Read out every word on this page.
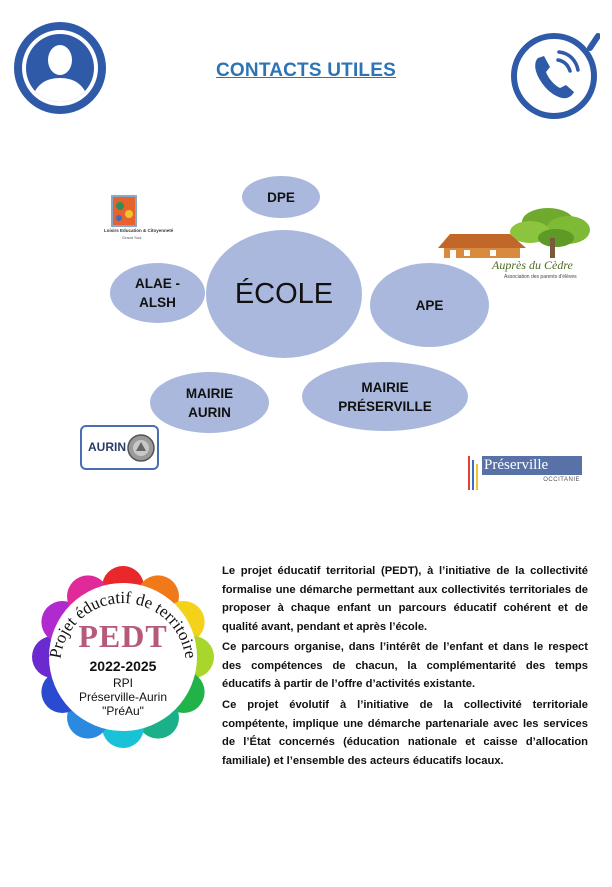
CONTACTS UTILES
DPE
ALAE -
ALSH ÉCOLE	APE
MAIRIE
AURIN
MAIRIE
PRÉSERVILLE
Loisirs Education & Citoyenneté
Grand Sud
Auprès du Cèdre
Association des parents d'élèves
AURIN
Préserville
OCCITANIE
Projet éducatif de territoire
PEDT
2022-2025
RPI
Préserville-Aurin
"PréAu"
Le projet éducatif territorial (PEDT), à l’initiative de la collectivité formalise une démarche permettant aux collectivités territoriales de proposer à chaque enfant un parcours éducatif cohérent et de qualité avant, pendant et après l’école.
Ce parcours organise, dans l’intérêt de l’enfant et dans le respect des compétences de chacun, la complémentarité des temps éducatifs à partir de l’offre d’activités existante.
Ce projet évolutif à l’initiative de la collectivité territoriale compétente, implique une démarche partenariale avec les services de l’État concernés (éducation nationale et caisse d’allocation familiale) et l’ensemble des acteurs éducatifs locaux.
